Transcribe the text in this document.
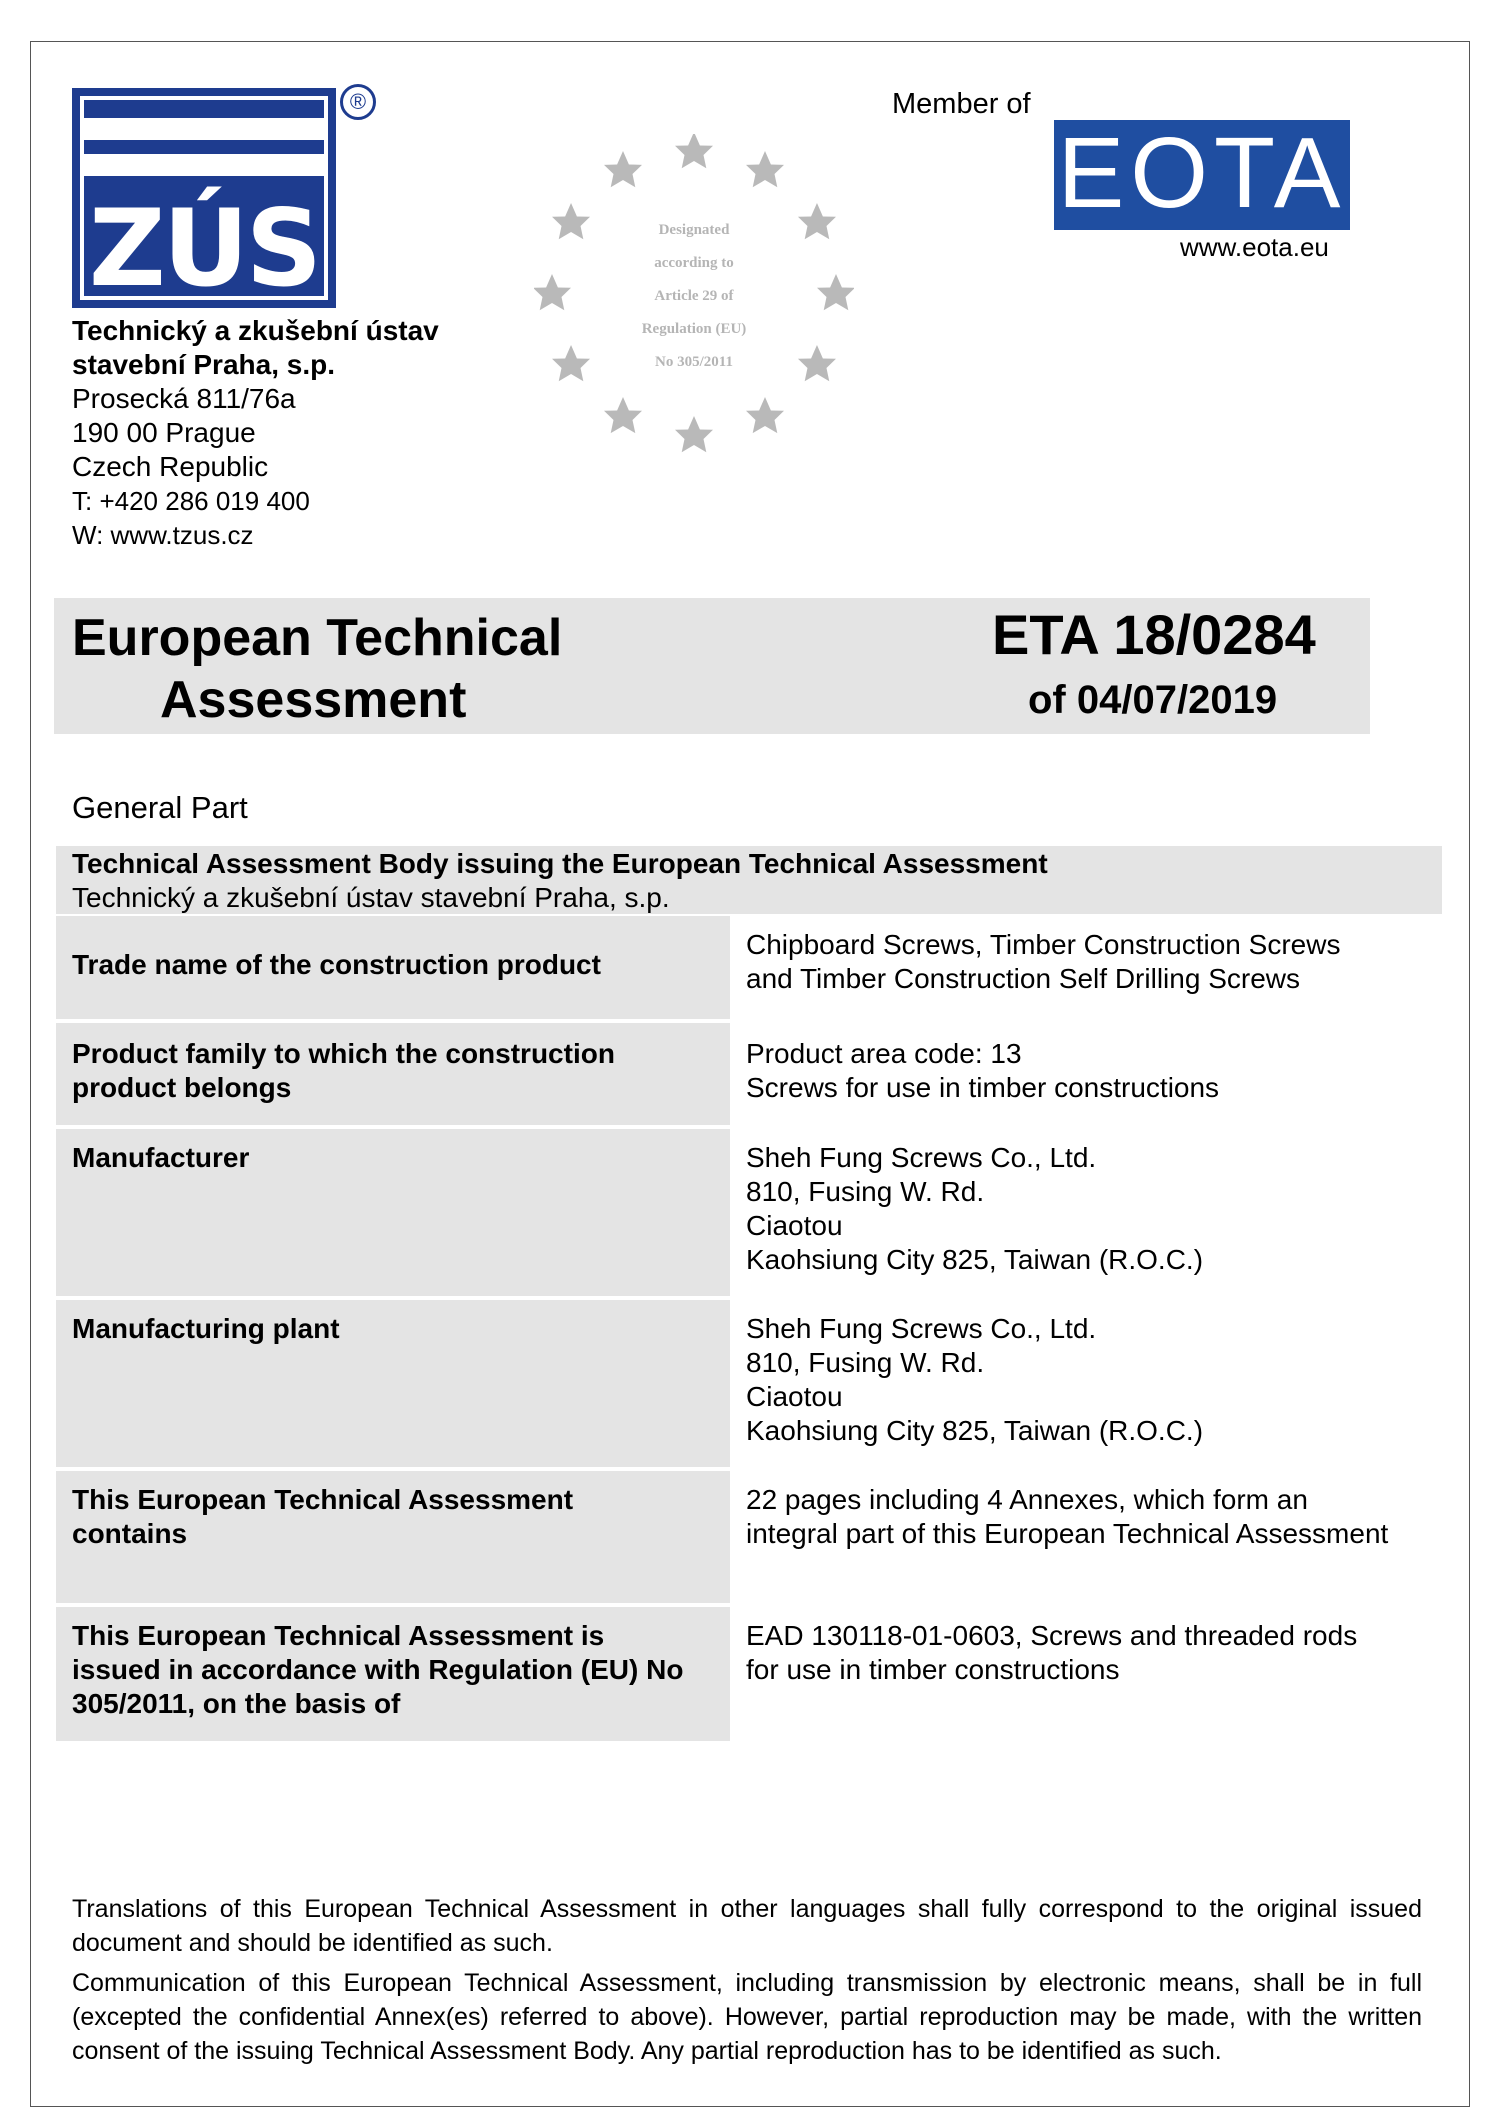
ZÚS
®
Technický a zkušební ústav
stavební Praha, s.p.
Prosecká 811/76a
190 00 Prague
Czech Republic
T: +420 286 019 400
W: www.tzus.cz
Designated
according to
Article 29 of
Regulation (EU)
No 305/2011
Member of
EOTA
www.eota.eu
European Technical
Assessment
ETA 18/0284
of 04/07/2019
General Part
Technical Assessment Body issuing the European Technical Assessment
Technický a zkušební ústav stavební Praha, s.p.
Trade name of the construction product	Chipboard Screws, Timber Construction Screws
and Timber Construction Self Drilling Screws

Product family to which the construction product belongs	Product area code: 13
Screws for use in timber constructions

Manufacturer	Sheh Fung Screws Co., Ltd.
810, Fusing W. Rd.
Ciaotou
Kaohsiung City 825, Taiwan (R.O.C.)

Manufacturing plant	Sheh Fung Screws Co., Ltd.
810, Fusing W. Rd.
Ciaotou
Kaohsiung City 825, Taiwan (R.O.C.)

This European Technical Assessment contains	22 pages including 4 Annexes, which form an
integral part of this European Technical Assessment

This European Technical Assessment is issued in accordance with Regulation (EU) No 305/2011, on the basis of	EAD 130118-01-0603, Screws and threaded rods
for use in timber constructions
Translations of this European Technical Assessment in other languages shall fully correspond to the original issued document and should be identified as such.
Communication of this European Technical Assessment, including transmission by electronic means, shall be in full (excepted the confidential Annex(es) referred to above). However, partial reproduction may be made, with the written consent of the issuing Technical Assessment Body. Any partial reproduction has to be identified as such.
